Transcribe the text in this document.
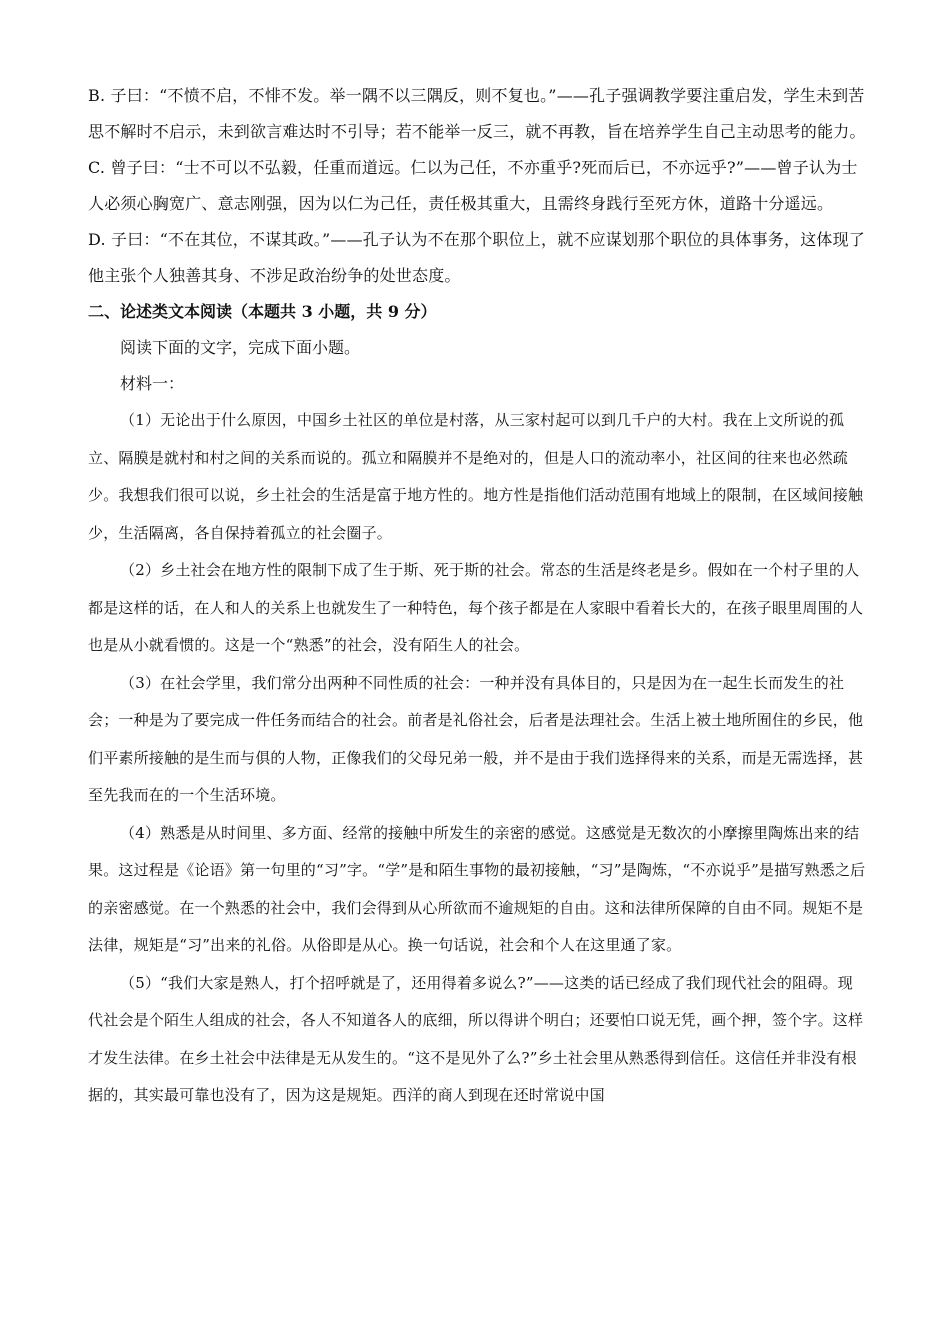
B. 子曰：“不愤不启，不悱不发。举一隅不以三隅反，则不复也。”——孔子强调教学要注重启发，学生未到苦思不解时不启示，未到欲言难达时不引导；若不能举一反三，就不再教，旨在培养学生自己主动思考的能力。

C. 曾子曰：“士不可以不弘毅，任重而道远。仁以为己任，不亦重乎?死而后已，不亦远乎?”——曾子认为士人必须心胸宽广、意志刚强，因为以仁为己任，责任极其重大，且需终身践行至死方休，道路十分遥远。

D. 子曰：“不在其位，不谋其政。”——孔子认为不在那个职位上，就不应谋划那个职位的具体事务，这体现了他主张个人独善其身、不涉足政治纷争的处世态度。

二、论述类文本阅读（本题共 3 小题，共 9 分）

阅读下面的文字，完成下面小题。

材料一：

（1）无论出于什么原因，中国乡土社区的单位是村落，从三家村起可以到几千户的大村。我在上文所说的孤立、隔膜是就村和村之间的关系而说的。孤立和隔膜并不是绝对的，但是人口的流动率小，社区间的往来也必然疏少。我想我们很可以说，乡土社会的生活是富于地方性的。地方性是指他们活动范围有地域上的限制，在区域间接触少，生活隔离，各自保持着孤立的社会圈子。

（2）乡土社会在地方性的限制下成了生于斯、死于斯的社会。常态的生活是终老是乡。假如在一个村子里的人都是这样的话，在人和人的关系上也就发生了一种特色，每个孩子都是在人家眼中看着长大的，在孩子眼里周围的人也是从小就看惯的。这是一个“熟悉”的社会，没有陌生人的社会。

（3）在社会学里，我们常分出两种不同性质的社会：一种并没有具体目的，只是因为在一起生长而发生的社会；一种是为了要完成一件任务而结合的社会。前者是礼俗社会，后者是法理社会。生活上被土地所囿住的乡民，他们平素所接触的是生而与俱的人物，正像我们的父母兄弟一般，并不是由于我们选择得来的关系，而是无需选择，甚至先我而在的一个生活环境。

（4）熟悉是从时间里、多方面、经常的接触中所发生的亲密的感觉。这感觉是无数次的小摩擦里陶炼出来的结果。这过程是《论语》第一句里的“习”字。“学”是和陌生事物的最初接触，“习”是陶炼，“不亦说乎”是描写熟悉之后的亲密感觉。在一个熟悉的社会中，我们会得到从心所欲而不逾规矩的自由。这和法律所保障的自由不同。规矩不是法律，规矩是“习”出来的礼俗。从俗即是从心。换一句话说，社会和个人在这里通了家。

（5）“我们大家是熟人，打个招呼就是了，还用得着多说么?”——这类的话已经成了我们现代社会的阻碍。现代社会是个陌生人组成的社会，各人不知道各人的底细，所以得讲个明白；还要怕口说无凭，画个押，签个字。这样才发生法律。在乡土社会中法律是无从发生的。“这不是见外了么?”乡土社会里从熟悉得到信任。这信任并非没有根据的，其实最可靠也没有了，因为这是规矩。西洋的商人到现在还时常说中国
